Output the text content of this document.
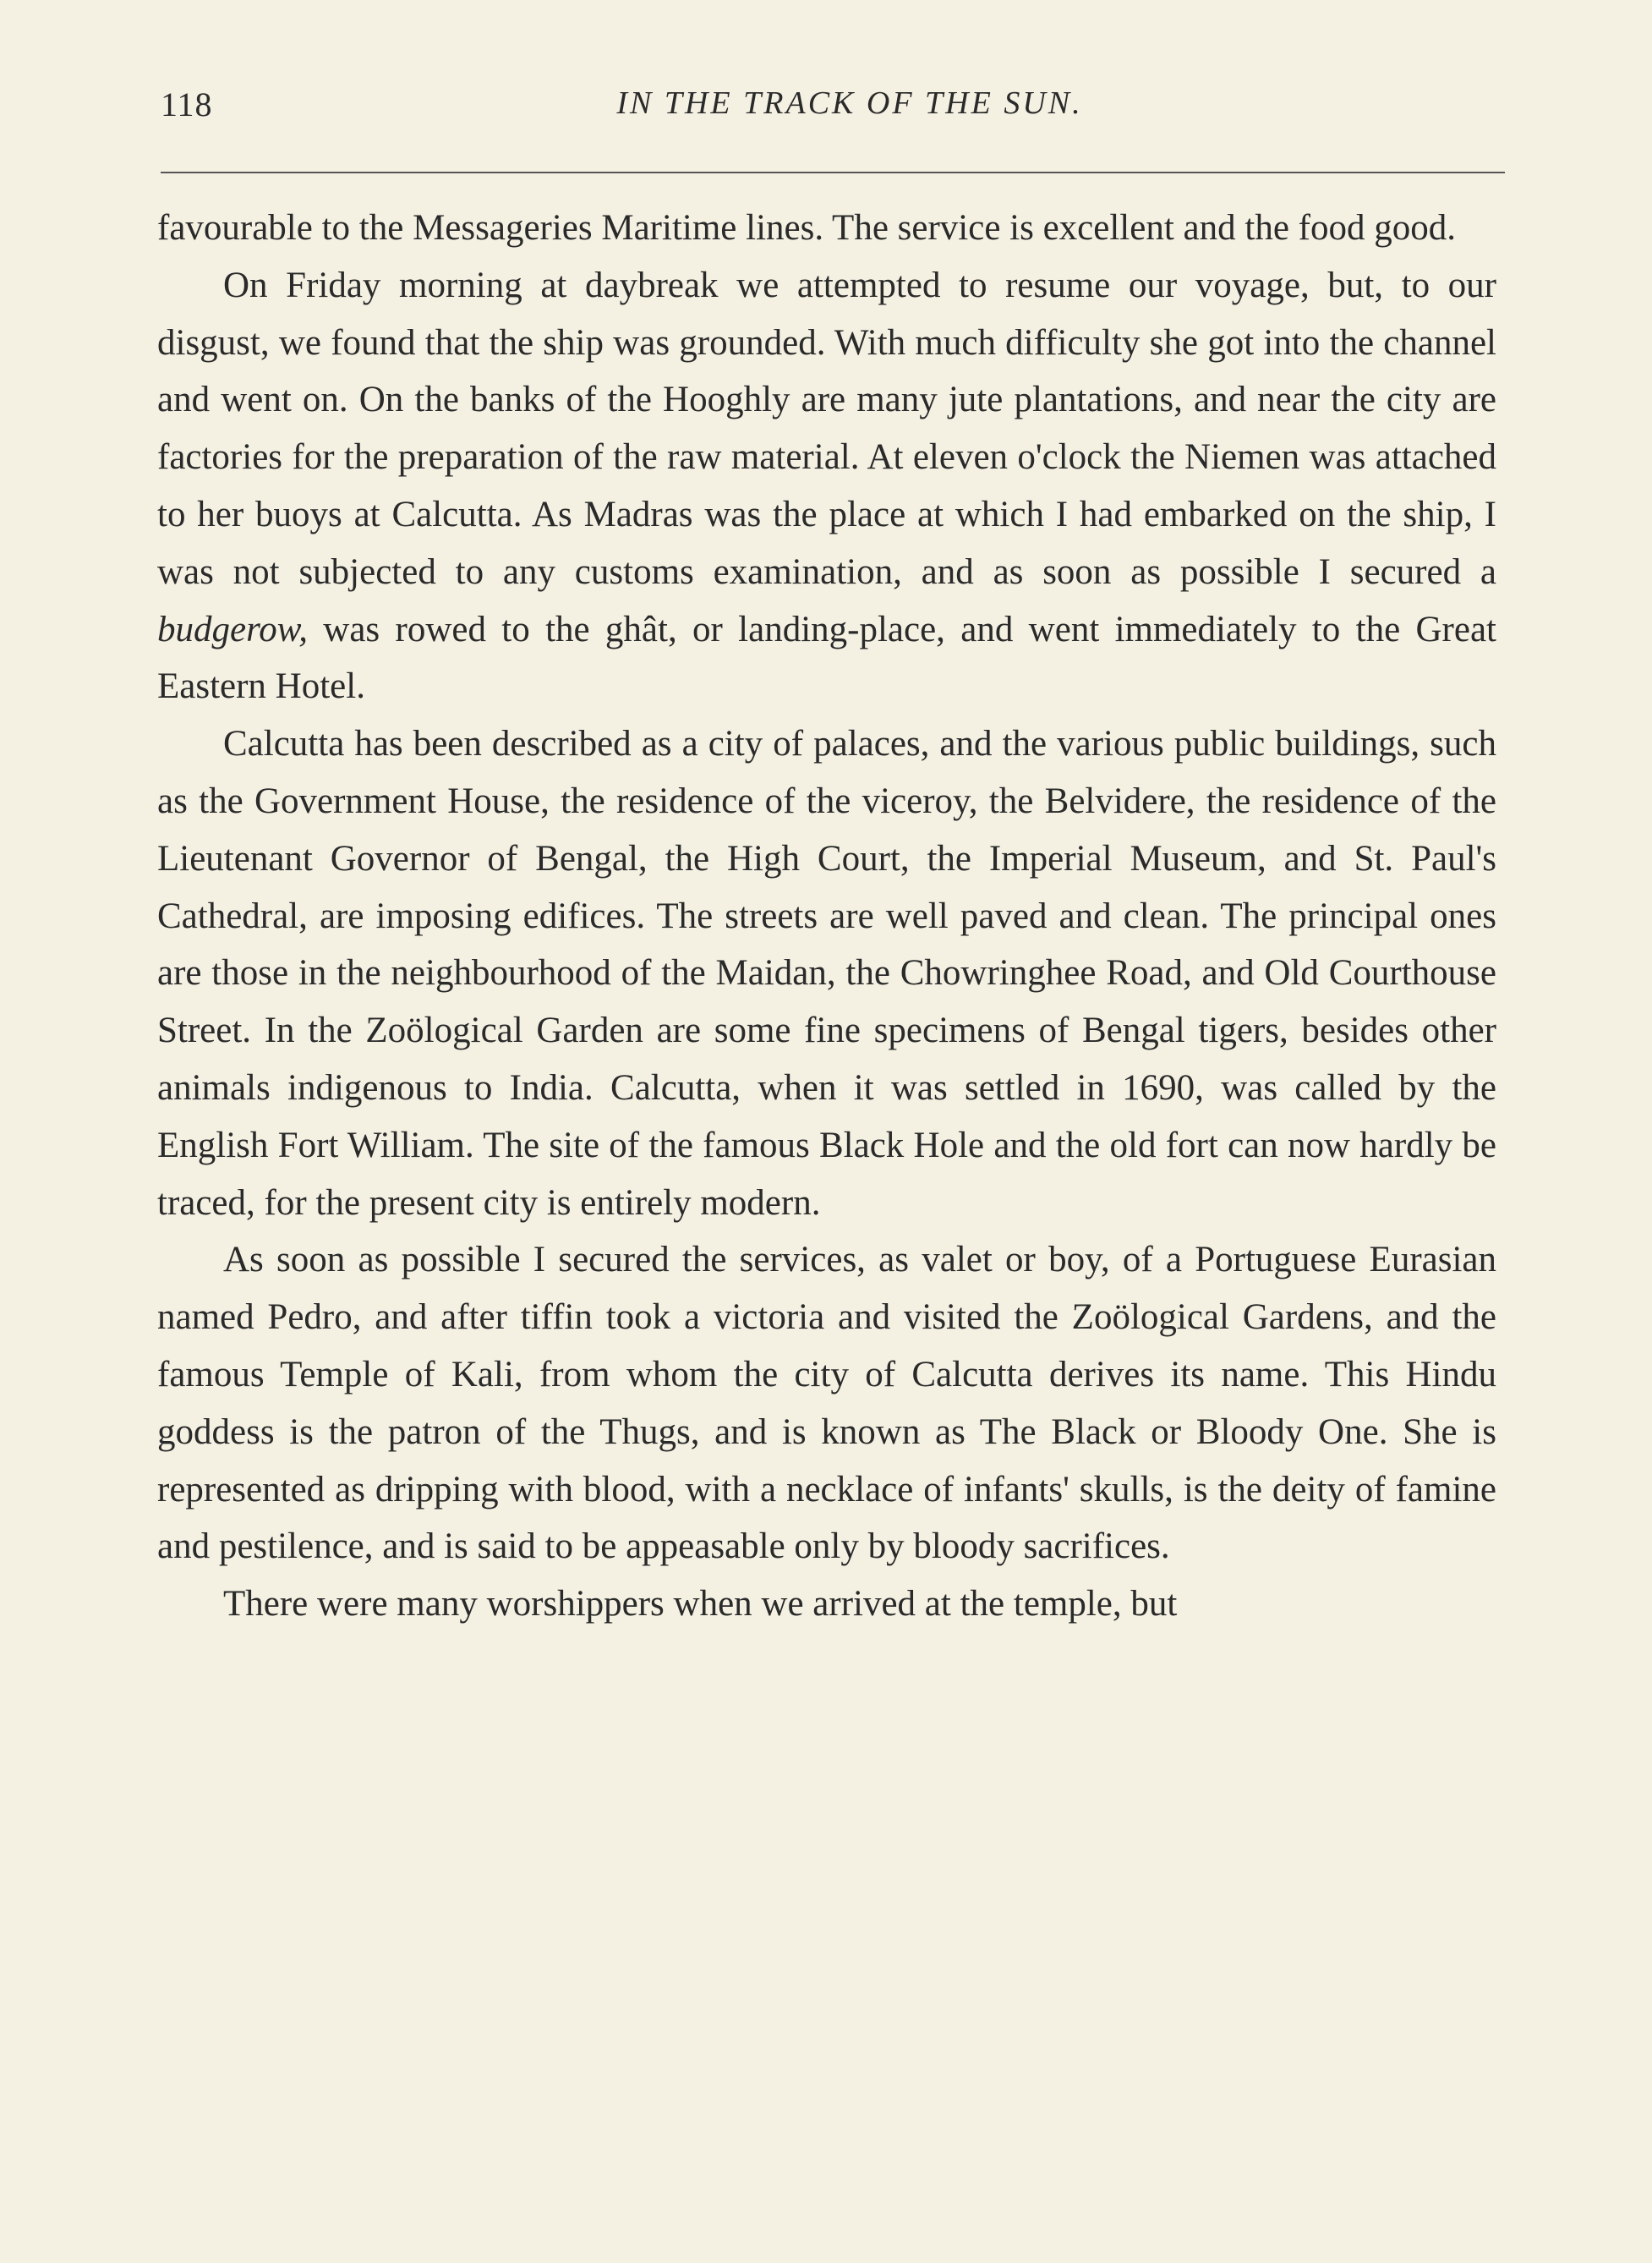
118	IN THE TRACK OF THE SUN.

favourable to the Messageries Maritime lines. The service is excellent and the food good.

On Friday morning at daybreak we attempted to resume our voyage, but, to our disgust, we found that the ship was grounded. With much difficulty she got into the channel and went on. On the banks of the Hooghly are many jute plantations, and near the city are factories for the preparation of the raw material. At eleven o'clock the Niemen was attached to her buoys at Calcutta. As Madras was the place at which I had embarked on the ship, I was not subjected to any customs examination, and as soon as possible I secured a budgerow, was rowed to the ghât, or landing-place, and went immediately to the Great Eastern Hotel.

Calcutta has been described as a city of palaces, and the various public buildings, such as the Government House, the residence of the viceroy, the Belvidere, the residence of the Lieutenant Governor of Bengal, the High Court, the Imperial Museum, and St. Paul's Cathedral, are imposing edifices. The streets are well paved and clean. The principal ones are those in the neighbourhood of the Maidan, the Chowringhee Road, and Old Courthouse Street. In the Zoölogical Garden are some fine specimens of Bengal tigers, besides other animals indigenous to India. Calcutta, when it was settled in 1690, was called by the English Fort William. The site of the famous Black Hole and the old fort can now hardly be traced, for the present city is entirely modern.

As soon as possible I secured the services, as valet or boy, of a Portuguese Eurasian named Pedro, and after tiffin took a victoria and visited the Zoölogical Gardens, and the famous Temple of Kali, from whom the city of Calcutta derives its name. This Hindu goddess is the patron of the Thugs, and is known as The Black or Bloody One. She is represented as dripping with blood, with a necklace of infants' skulls, is the deity of famine and pestilence, and is said to be appeasable only by bloody sacrifices.

There were many worshippers when we arrived at the temple, but
